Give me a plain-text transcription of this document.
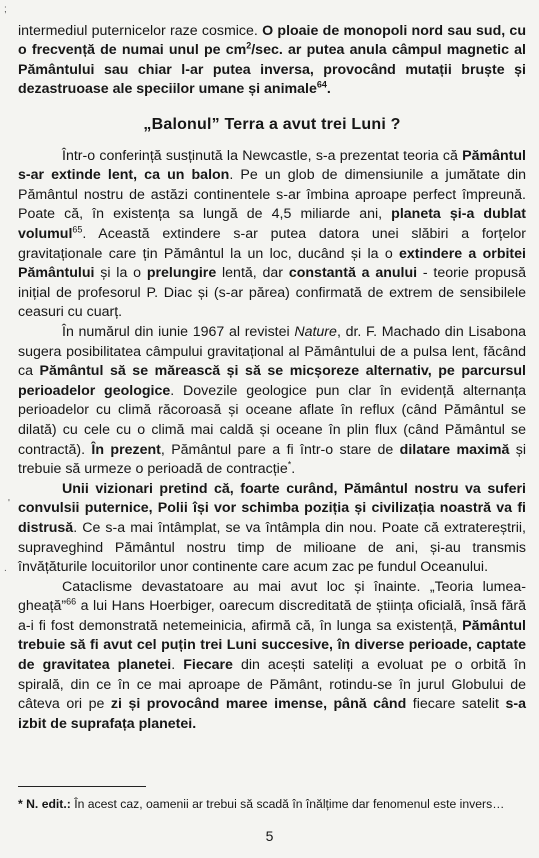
;
'
.

intermediul puternicelor raze cosmice. O ploaie de monopoli nord sau sud, cu o frecvență de numai unul pe $cm^2/\sec$. ar putea anula câmpul magnetic al Pământului sau chiar l-ar putea inversa, provocând mutații bruște și dezastruoase ale speciilor umane și animale$^{64}$.

„Balonul” Terra a avut trei Luni ?

Într-o conferință susținută la Newcastle, s-a prezentat teoria că Pământul s-ar extinde lent, ca un balon. Pe un glob de dimensiunile a jumătate din Pământul nostru de astăzi continentele s-ar îmbina aproape perfect împreună. Poate că, în existența sa lungă de 4,5 miliarde ani, planeta și-a dublat volumul$^{65}$. Această extindere s-ar putea datora unei slăbiri a forțelor gravitaționale care țin Pământul la un loc, ducând și la o extindere a orbitei Pământului și la o prelungire lentă, dar constantă a anului - teorie propusă inițial de profesorul P. Diac și (s-ar părea) confirmată de extrem de sensibilele ceasuri cu cuarț.

În numărul din iunie 1967 al revistei Nature, dr. F. Machado din Lisabona sugera posibilitatea câmpului gravitațional al Pământului de a pulsa lent, făcând ca Pământul să se mărească și să se micșoreze alternativ, pe parcursul perioadelor geologice. Dovezile geologice pun clar în evidență alternanța perioadelor cu climă răcoroasă și oceane aflate în reflux (când Pământul se dilată) cu cele cu o climă mai caldă și oceane în plin flux (când Pământul se contractă). În prezent, Pământul pare a fi într-o stare de dilatare maximă și trebuie să urmeze o perioadă de contracție*.

Unii vizionari pretind că, foarte curând, Pământul nostru va suferi convulsii puternice, Polii își vor schimba poziția și civilizația noastră va fi distrusă. Ce s-a mai întâmplat, se va întâmpla din nou. Poate că extratereștrii, supraveghind Pământul nostru timp de milioane de ani, și-au transmis învățăturile locuitorilor unor continente care acum zac pe fundul Oceanului.

Cataclisme devastatoare au mai avut loc și înainte. „Teoria lumea-gheață”$^{66}$ a lui Hans Hoerbiger, oarecum discreditată de știința oficială, însă fără a-i fi fost demonstrată netemeinicia, afirmă că, în lunga sa existență, Pământul trebuie să fi avut cel puțin trei Luni succesive, în diverse perioade, captate de gravitatea planetei. Fiecare din acești sateliți a evoluat pe o orbită în spirală, din ce în ce mai aproape de Pământ, rotindu-se în jurul Globului de câteva ori pe zi și provocând maree imense, până când fiecare satelit s-a izbit de suprafața planetei.

* N. edit.: În acest caz, oamenii ar trebui să scadă în înălțime dar fenomenul este invers…

5
